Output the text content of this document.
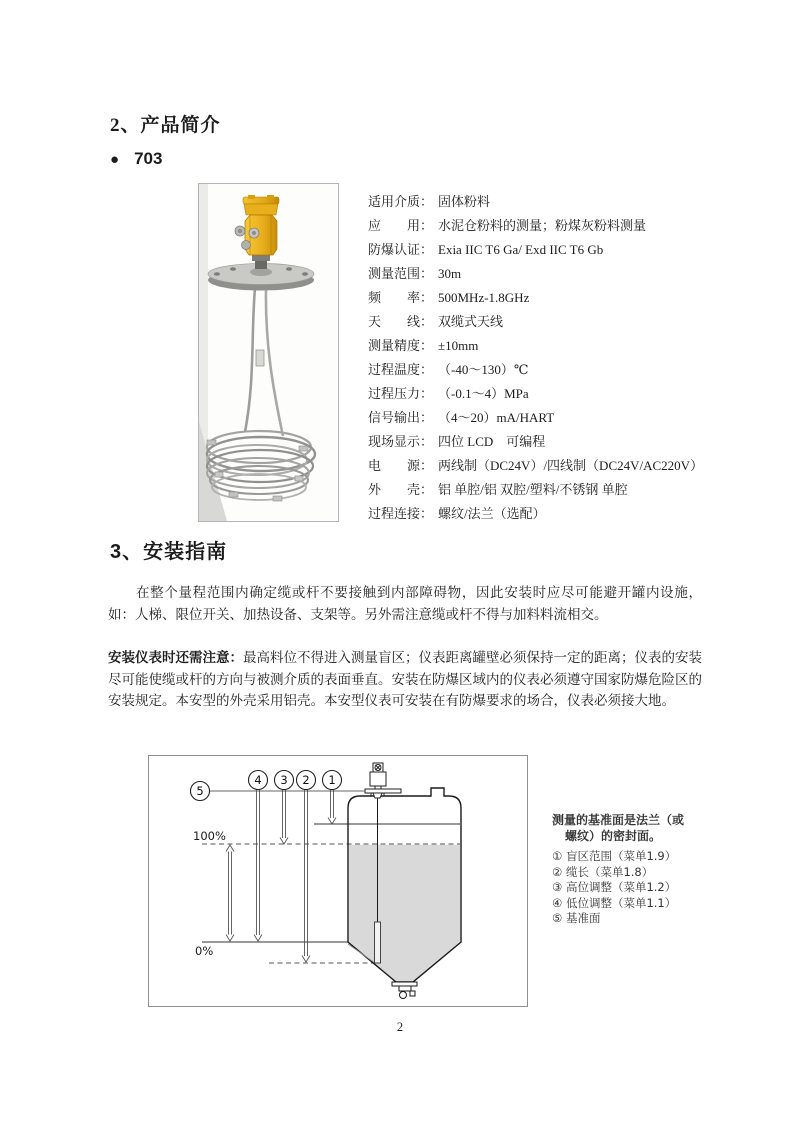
2、产品简介
● 703
适用介质： 固体粉料
应　　用： 水泥仓粉料的测量；粉煤灰粉料测量
防爆认证： Exia IIC T6 Ga/ Exd IIC T6 Gb
测量范围： 30m
频　　率： 500MHz-1.8GHz
天　　线： 双缆式天线
测量精度： ±10mm
过程温度： （-40～130）℃
过程压力： （-0.1～4）MPa
信号输出： （4～20）mA/HART
现场显示： 四位 LCD　可编程
电　　源： 两线制（DC24V）/四线制（DC24V/AC220V）
外　　壳： 铝 单腔/铝 双腔/塑料/不锈钢 单腔
过程连接： 螺纹/法兰（选配）
3、安装指南
在整个量程范围内确定缆或杆不要接触到内部障碍物，因此安装时应尽可能避开罐内设施，如：人梯、限位开关、加热设备、支架等。另外需注意缆或杆不得与加料料流相交。
安装仪表时还需注意：最高料位不得进入测量盲区；仪表距离罐壁必须保持一定的距离；仪表的安装尽可能使缆或杆的方向与被测介质的表面垂直。安装在防爆区域内的仪表必须遵守国家防爆危险区的安装规定。本安型的外壳采用铝壳。本安型仪表可安装在有防爆要求的场合，仪表必须接大地。
5
4 3 2 1
100%
0%
测量的基准面是法兰（或
螺纹）的密封面。
① 盲区范围（菜单1.9）
② 缆长（菜单1.8）
③ 高位调整（菜单1.2）
④ 低位调整（菜单1.1）
⑤ 基准面
2
